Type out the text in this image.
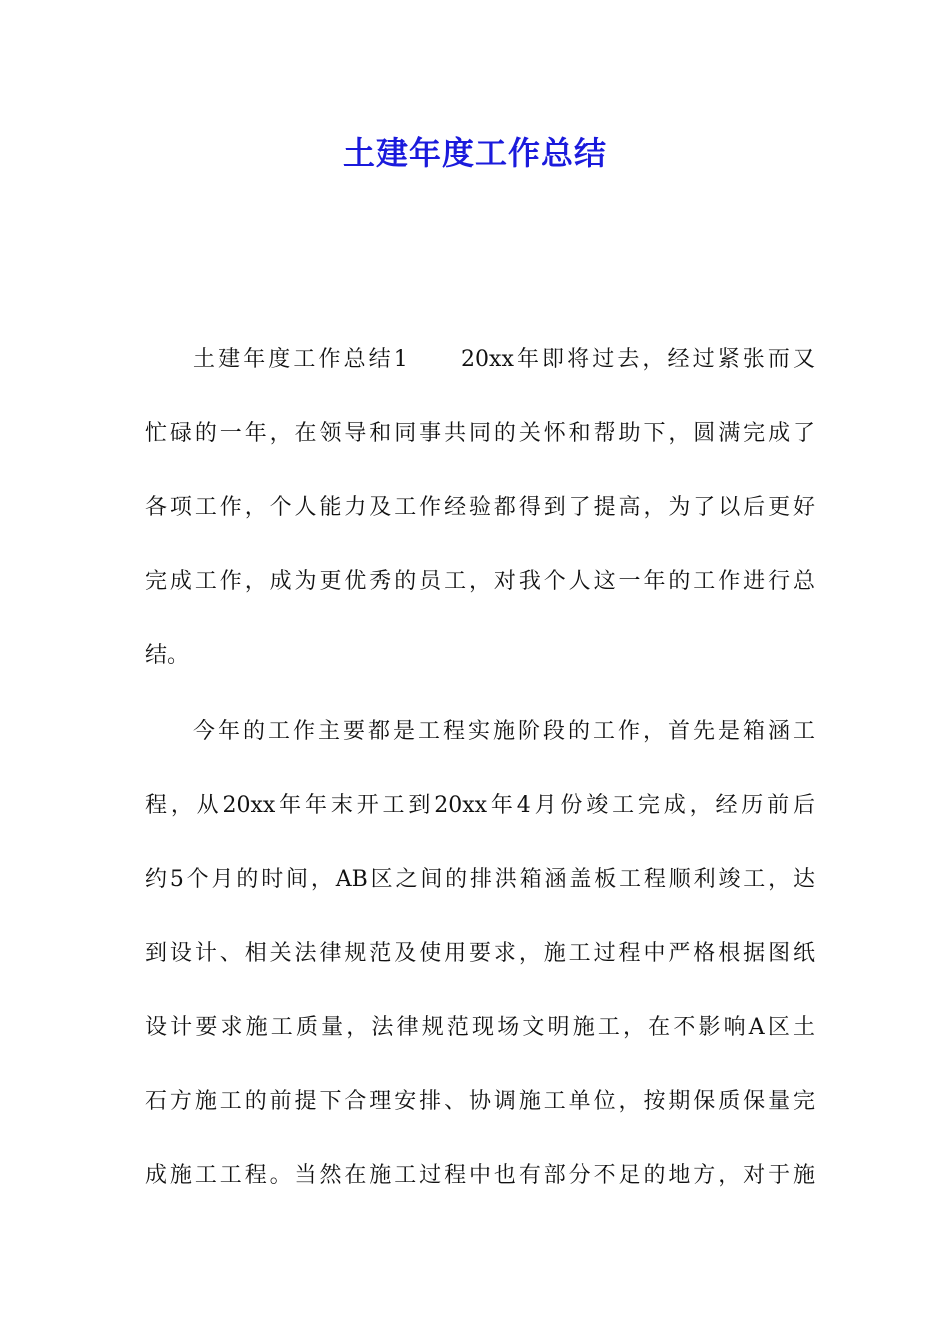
土建年度工作总结
土建年度工作总结1　　20xx年即将过去，经过紧张而又
忙碌的一年，在领导和同事共同的关怀和帮助下，圆满完成了
各项工作，个人能力及工作经验都得到了提高，为了以后更好
完成工作，成为更优秀的员工，对我个人这一年的工作进行总
结。
今年的工作主要都是工程实施阶段的工作，首先是箱涵工
程，从20xx年年末开工到20xx年4月份竣工完成，经历前后
约5个月的时间，AB区之间的排洪箱涵盖板工程顺利竣工，达
到设计、相关法律规范及使用要求，施工过程中严格根据图纸
设计要求施工质量，法律规范现场文明施工，在不影响A区土
石方施工的前提下合理安排、协调施工单位，按期保质保量完
成施工工程。当然在施工过程中也有部分不足的地方，对于施
